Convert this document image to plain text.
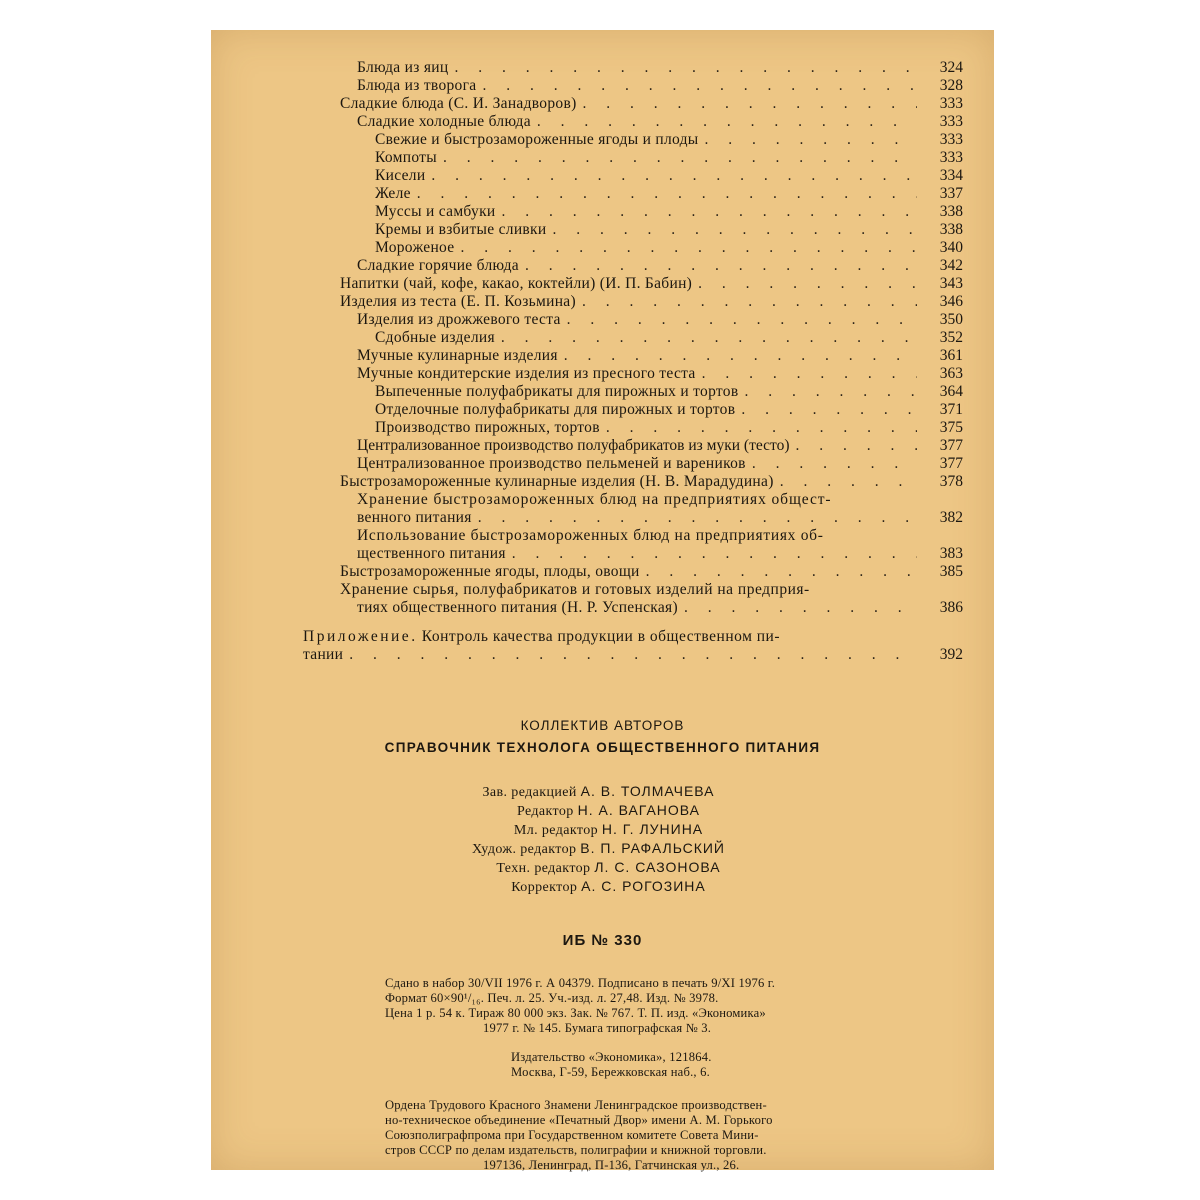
Блюда из яиц . . .	324
Блюда из творога . . .	328
Сладкие блюда (С. И. Занадворов) . . .	333
Сладкие холодные блюда . . .	333
Свежие и быстрозамороженные ягоды и плоды . . .	333
Компоты . . .	333
Кисели . . .	334
Желе . . .	337
Муссы и самбуки . . .	338
Кремы и взбитые сливки . . .	338
Мороженое . . .	340
Сладкие горячие блюда . . .	342
Напитки (чай, кофе, какао, коктейли) (И. П. Бабин) . . .	343
Изделия из теста (Е. П. Козьмина) . . .	346
Изделия из дрожжевого теста . . .	350
Сдобные изделия . . .	352
Мучные кулинарные изделия . . .	361
Мучные кондитерские изделия из пресного теста . . .	363
Выпеченные полуфабрикаты для пирожных и тортов . . .	364
Отделочные полуфабрикаты для пирожных и тортов . . .	371
Производство пирожных, тортов . . .	375
Централизованное производство полуфабрикатов из муки (тесто) . . .	377
Централизованное производство пельменей и вареников . . .	377
Быстрозамороженные кулинарные изделия (Н. В. Марадудина) . . .	378
Хранение быстрозамороженных блюд на предприятиях общест-
венного питания . . .	382
Использование быстрозамороженных блюд на предприятиях об-
щественного питания . . .	383
Быстрозамороженные ягоды, плоды, овощи . . .	385
Хранение сырья, полуфабрикатов и готовых изделий на предприя-
тиях общественного питания (Н. Р. Успенская) . . .	386
Приложение. Контроль качества продукции в общественном пи-
тании . . .	392
КОЛЛЕКТИВ АВТОРОВ
СПРАВОЧНИК ТЕХНОЛОГА ОБЩЕСТВЕННОГО ПИТАНИЯ
Зав. редакцией А. В. ТОЛМАЧЕВА
Редактор Н. А. ВАГАНОВА
Мл. редактор Н. Г. ЛУНИНА
Худож. редактор В. П. РАФАЛЬСКИЙ
Техн. редактор Л. С. САЗОНОВА
Корректор А. С. РОГОЗИНА
ИБ № 330
Сдано в набор 30/VII 1976 г. А 04379. Подписано в печать 9/XI 1976 г.
Формат 60×90¹/₁₆. Печ. л. 25. Уч.-изд. л. 27,48. Изд. № 3978.
Цена 1 р. 54 к. Тираж 80 000 экз. Зак. № 767. Т. П. изд. «Экономика»
1977 г. № 145. Бумага типографская № 3.
Издательство «Экономика», 121864.
Москва, Г-59, Бережковская наб., 6.
Ордена Трудового Красного Знамени Ленинградское производствен-
но-техническое объединение «Печатный Двор» имени А. М. Горького
Союзполиграфпрома при Государственном комитете Совета Мини-
стров СССР по делам издательств, полиграфии и книжной торговли.
197136, Ленинград, П-136, Гатчинская ул., 26.
